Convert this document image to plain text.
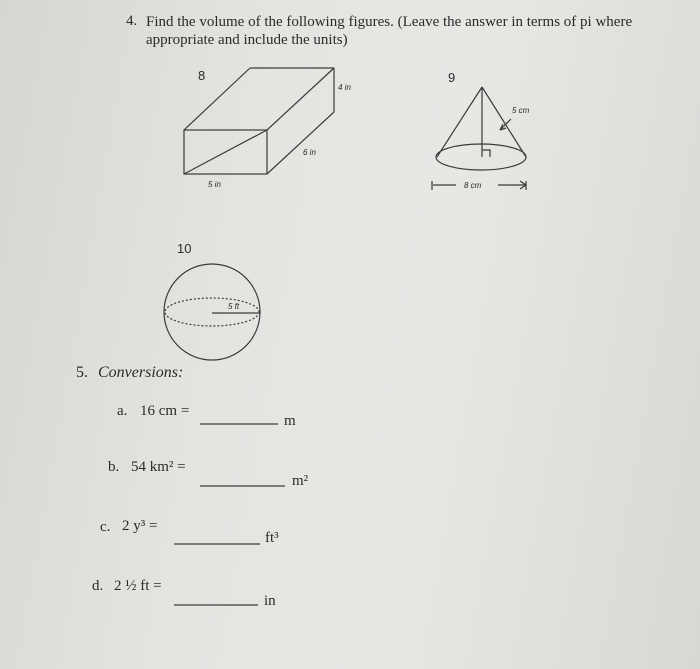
4. Find the volume of the following figures. (Leave the answer in terms of pi where appropriate and include the units)
8
4 in
6 in
5 in
9
5 cm
8 cm
10
5 ft
5. Conversions:
a. 16 cm =
m
b. 54 km² =
m²
c. 2 y³ =
ft³
d. 2 ½ ft =
in
